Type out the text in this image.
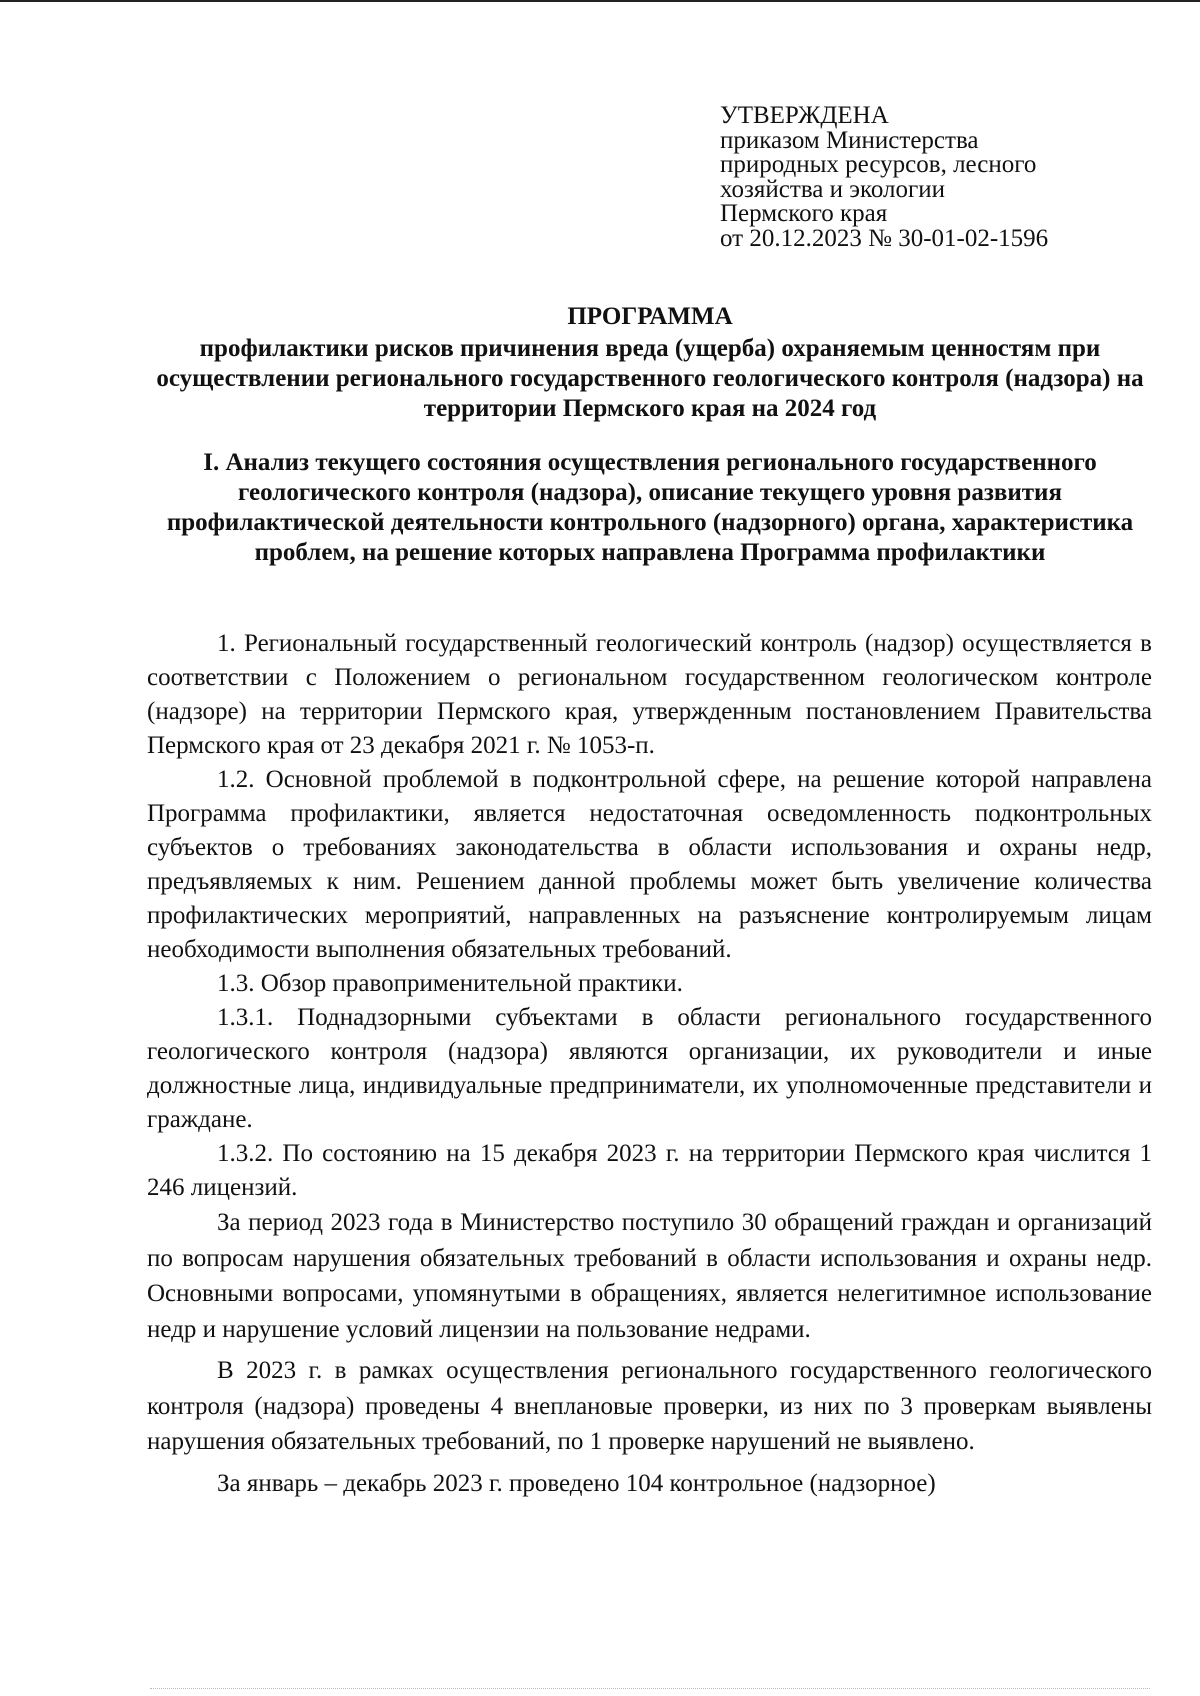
УТВЕРЖДЕНА
приказом Министерства
природных ресурсов, лесного
хозяйства и экологии
Пермского края
от 20.12.2023 № 30-01-02-1596
ПРОГРАММА
профилактики рисков причинения вреда (ущерба) охраняемым ценностям при осуществлении регионального государственного геологического контроля (надзора) на территории Пермского края на 2024 год
I. Анализ текущего состояния осуществления регионального государственного геологического контроля (надзора), описание текущего уровня развития профилактической деятельности контрольного (надзорного) органа, характеристика проблем, на решение которых направлена Программа профилактики

1. Региональный государственный геологический контроль (надзор) осуществляется в соответствии с Положением о региональном государственном геологическом контроле (надзоре) на территории Пермского края, утвержденным постановлением Правительства Пермского края от 23 декабря 2021 г. № 1053-п.

1.2. Основной проблемой в подконтрольной сфере, на решение которой направлена Программа профилактики, является недостаточная осведомленность подконтрольных субъектов о требованиях законодательства в области использования и охраны недр, предъявляемых к ним. Решением данной проблемы может быть увеличение количества профилактических мероприятий, направленных на разъяснение контролируемым лицам необходимости выполнения обязательных требований.

1.3. Обзор правоприменительной практики.

1.3.1. Поднадзорными субъектами в области регионального государственного геологического контроля (надзора) являются организации, их руководители и иные должностные лица, индивидуальные предприниматели, их уполномоченные представители и граждане.

1.3.2. По состоянию на 15 декабря 2023 г. на территории Пермского края числится 1 246 лицензий.

За период 2023 года в Министерство поступило 30 обращений граждан и организаций по вопросам нарушения обязательных требований в области использования и охраны недр. Основными вопросами, упомянутыми в обращениях, является нелегитимное использование недр и нарушение условий лицензии на пользование недрами.

В 2023 г. в рамках осуществления регионального государственного геологического контроля (надзора) проведены 4 внеплановые проверки, из них по 3 проверкам выявлены нарушения обязательных требований, по 1 проверке нарушений не выявлено.

За январь – декабрь 2023 г. проведено 104 контрольное (надзорное)
